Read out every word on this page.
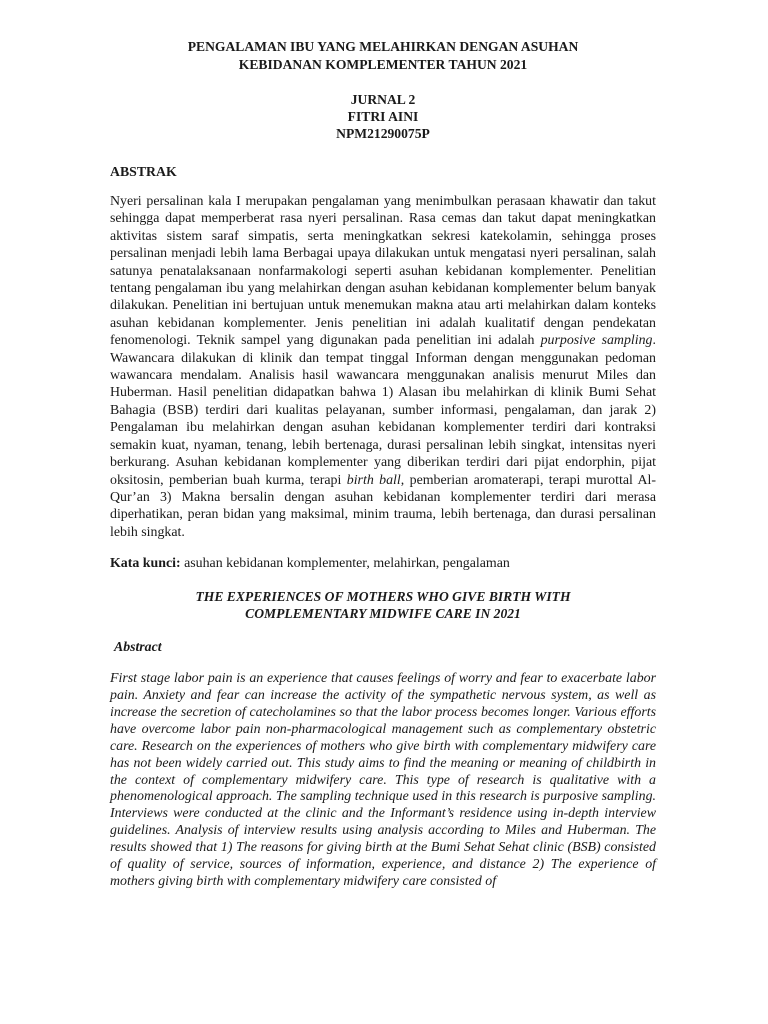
PENGALAMAN IBU YANG MELAHIRKAN DENGAN ASUHAN
KEBIDANAN KOMPLEMENTER TAHUN 2021
JURNAL 2
FITRI AINI
NPM21290075P
ABSTRAK
Nyeri persalinan kala I merupakan pengalaman yang menimbulkan perasaan khawatir dan takut sehingga dapat memperberat rasa nyeri persalinan. Rasa cemas dan takut dapat meningkatkan aktivitas sistem saraf simpatis, serta meningkatkan sekresi katekolamin, sehingga proses persalinan menjadi lebih lama Berbagai upaya dilakukan untuk mengatasi nyeri persalinan, salah satunya penatalaksanaan nonfarmakologi seperti asuhan kebidanan komplementer. Penelitian tentang pengalaman ibu yang melahirkan dengan asuhan kebidanan komplementer belum banyak dilakukan. Penelitian ini bertujuan untuk menemukan makna atau arti melahirkan dalam konteks asuhan kebidanan komplementer. Jenis penelitian ini adalah kualitatif dengan pendekatan fenomenologi. Teknik sampel yang digunakan pada penelitian ini adalah purposive sampling. Wawancara dilakukan di klinik dan tempat tinggal Informan dengan menggunakan pedoman wawancara mendalam. Analisis hasil wawancara menggunakan analisis menurut Miles dan Huberman. Hasil penelitian didapatkan bahwa 1) Alasan ibu melahirkan di klinik Bumi Sehat Bahagia (BSB) terdiri dari kualitas pelayanan, sumber informasi, pengalaman, dan jarak 2) Pengalaman ibu melahirkan dengan asuhan kebidanan komplementer terdiri dari kontraksi semakin kuat, nyaman, tenang, lebih bertenaga, durasi persalinan lebih singkat, intensitas nyeri berkurang. Asuhan kebidanan komplementer yang diberikan terdiri dari pijat endorphin, pijat oksitosin, pemberian buah kurma, terapi birth ball, pemberian aromaterapi, terapi murottal Al-Qur’an 3) Makna bersalin dengan asuhan kebidanan komplementer terdiri dari merasa diperhatikan, peran bidan yang maksimal, minim trauma, lebih bertenaga, dan durasi persalinan lebih singkat.
Kata kunci: asuhan kebidanan komplementer, melahirkan, pengalaman
THE EXPERIENCES OF MOTHERS WHO GIVE BIRTH WITH
COMPLEMENTARY MIDWIFE CARE IN 2021
Abstract
First stage labor pain is an experience that causes feelings of worry and fear to exacerbate labor pain. Anxiety and fear can increase the activity of the sympathetic nervous system, as well as increase the secretion of catecholamines so that the labor process becomes longer. Various efforts have overcome labor pain non-pharmacological management such as complementary obstetric care. Research on the experiences of mothers who give birth with complementary midwifery care has not been widely carried out. This study aims to find the meaning or meaning of childbirth in the context of complementary midwifery care. This type of research is qualitative with a phenomenological approach. The sampling technique used in this research is purposive sampling. Interviews were conducted at the clinic and the Informant’s residence using in-depth interview guidelines. Analysis of interview results using analysis according to Miles and Huberman. The results showed that 1) The reasons for giving birth at the Bumi Sehat Sehat clinic (BSB) consisted of quality of service, sources of information, experience, and distance 2) The experience of mothers giving birth with complementary midwifery care consisted of
